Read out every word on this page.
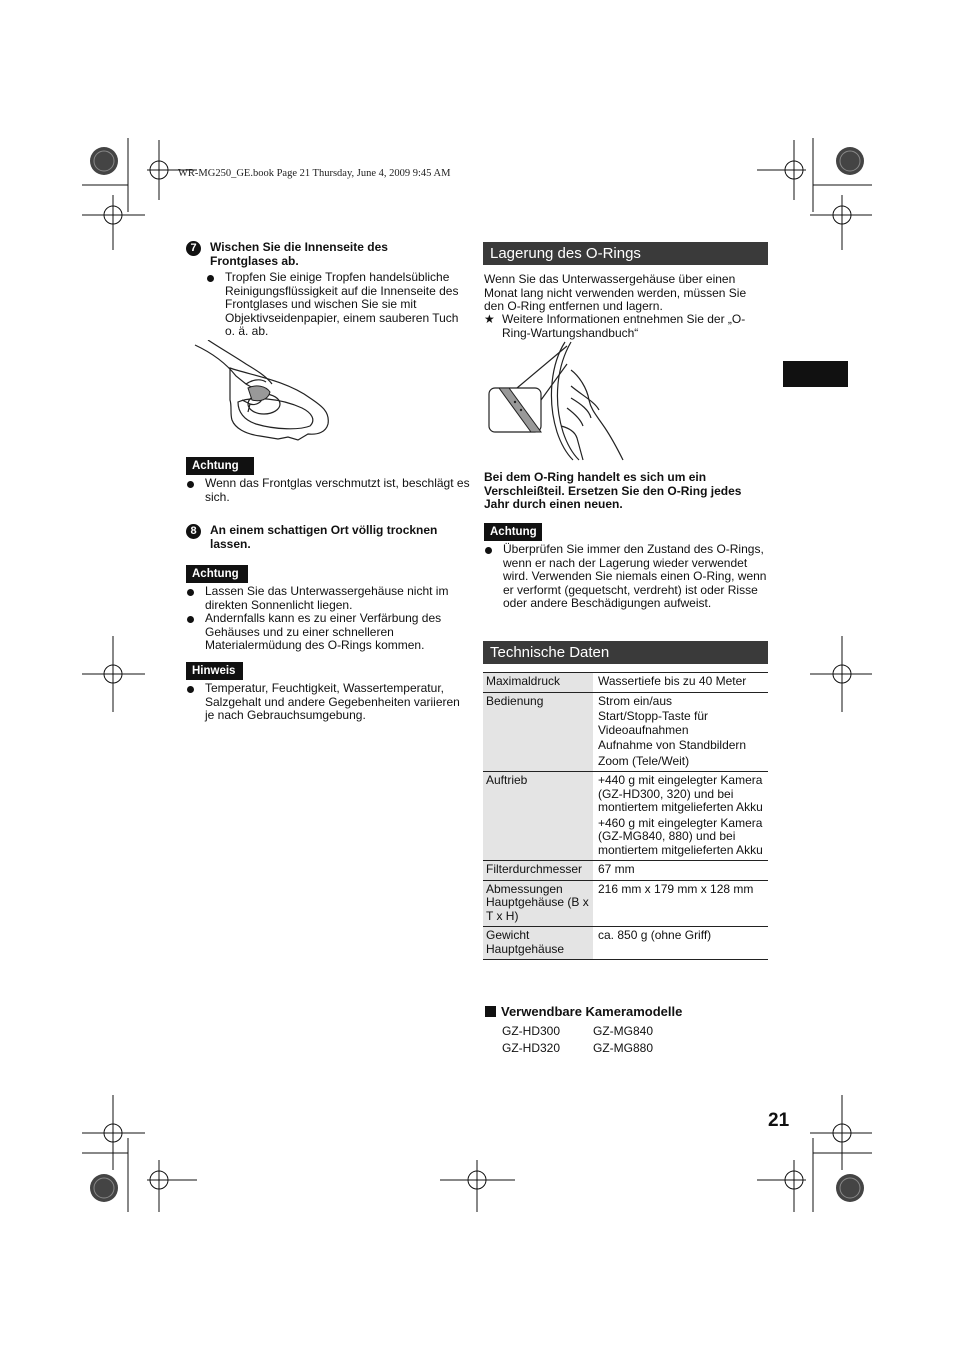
WR-MG250_GE.book Page 21 Thursday, June 4, 2009 9:45 AM
7	Wischen Sie die Innenseite des Frontglases ab.
Tropfen Sie einige Tropfen handelsübliche Reinigungsflüssigkeit auf die Innenseite des Frontglases und wischen Sie sie mit Objektivseidenpapier, einem sauberen Tuch o. ä. ab.
Achtung
Wenn das Frontglas verschmutzt ist, beschlägt es sich.
8	An einem schattigen Ort völlig trocknen lassen.
Achtung
Lassen Sie das Unterwassergehäuse nicht im direkten Sonnenlicht liegen.
Andernfalls kann es zu einer Verfärbung des Gehäuses und zu einer schnelleren Materialermüdung des O-Rings kommen.
Hinweis
Temperatur, Feuchtigkeit, Wassertemperatur, Salzgehalt und andere Gegebenheiten variieren je nach Gebrauchsumgebung.
Lagerung des O-Rings
Wenn Sie das Unterwassergehäuse über einen Monat lang nicht verwenden werden, müssen Sie den O-Ring entfernen und lagern.
★ Weitere Informationen entnehmen Sie der „O-Ring-Wartungshandbuch“
Bei dem O-Ring handelt es sich um ein Verschleißteil. Ersetzen Sie den O-Ring jedes Jahr durch einen neuen.
Achtung
Überprüfen Sie immer den Zustand des O-Rings, wenn er nach der Lagerung wieder verwendet wird. Verwenden Sie niemals einen O-Ring, wenn er verformt (gequetscht, verdreht) ist oder Risse oder andere Beschädigungen aufweist.
Technische Daten
Maximaldruck	Wassertiefe bis zu 40 Meter

Bedienung	Strom ein/aus
Start/Stopp-Taste für Videoaufnahmen
Aufnahme von Standbildern
Zoom (Tele/Weit)

Auftrieb	+440 g mit eingelegter Kamera (GZ-HD300, 320) und bei montiertem mitgelieferten Akku
+460 g mit eingelegter Kamera (GZ-MG840, 880) und bei montiertem mitgelieferten Akku

Filterdurchmesser	67 mm

Abmessungen Hauptgehäuse (B x T x H)	216 mm x 179 mm x 128 mm

Gewicht Hauptgehäuse	ca. 850 g (ohne Griff)
Verwendbare Kameramodelle
GZ-HD300	GZ-MG840
GZ-HD320	GZ-MG880
21
